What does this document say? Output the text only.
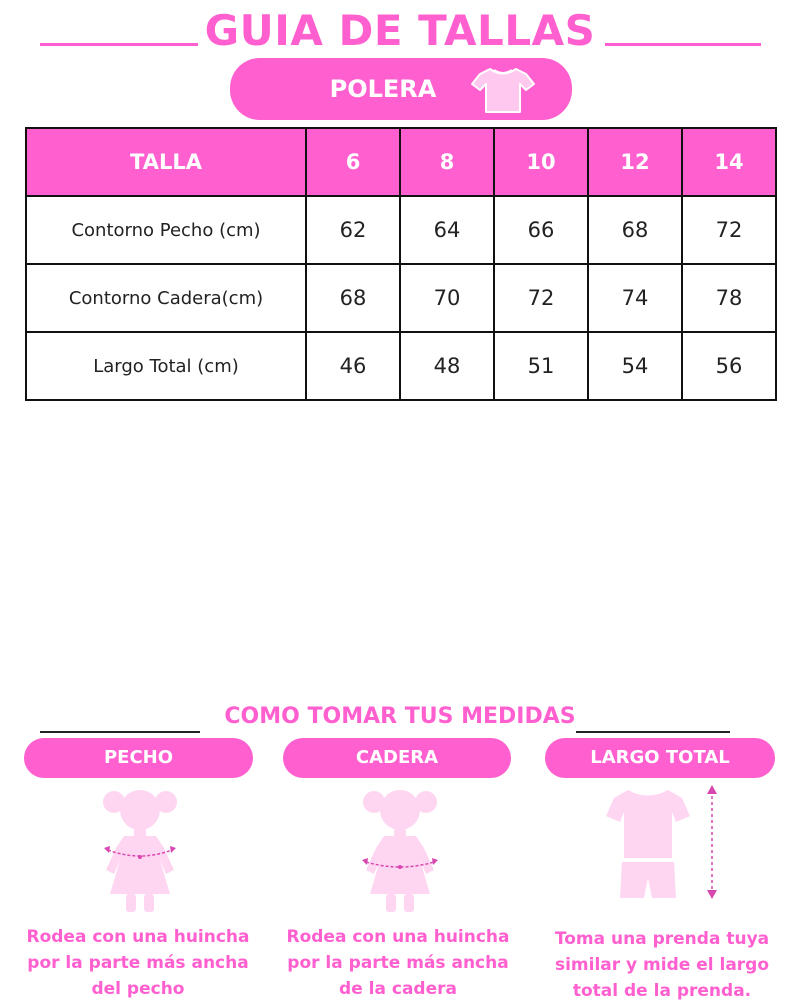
GUIA DE TALLAS
POLERA
TALLA	6	8	10	12	14
Contorno Pecho (cm)	62	64	66	68	72
Contorno Cadera(cm)	68	70	72	74	78
Largo Total (cm)	46	48	51	54	56
COMO TOMAR TUS MEDIDAS
PECHO	CADERA	LARGO TOTAL
Rodea con una huincha
por la parte más ancha
del pecho
Rodea con una huincha
por la parte más ancha
de la cadera
Toma una prenda tuya
similar y mide el largo
total de la prenda.
